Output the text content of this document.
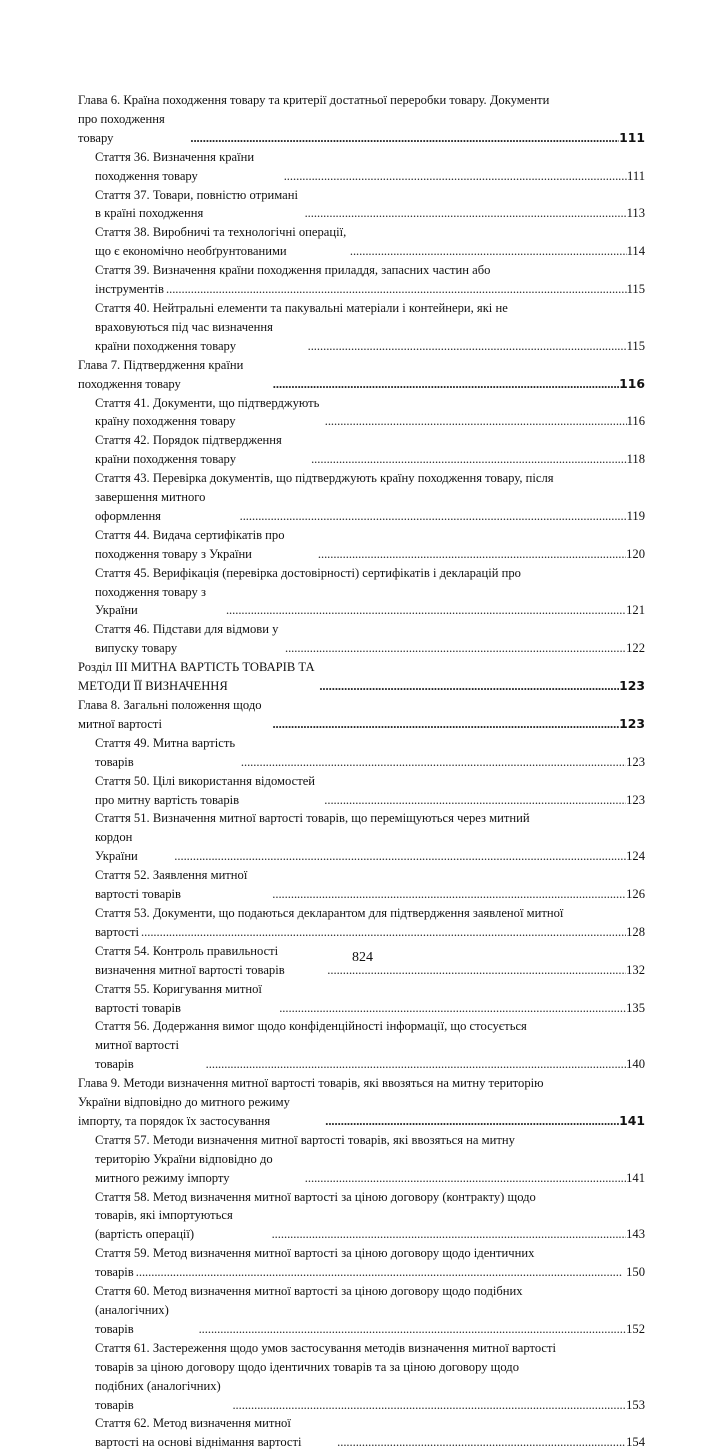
Глава 6. Країна походження товару та критерії достатньої переробки товару. Документи
про походження товару . . .	111
Стаття 36. Визначення країни походження товару . . .	111
Стаття 37. Товари, повністю отримані в країні походження . . .	113
Стаття 38. Виробничі та технологічні операції, що є економічно необґрунтованими . . .	114
Стаття 39. Визначення країни походження приладдя, запасних частин або
інструментів . . .	115
Стаття 40. Нейтральні елементи та пакувальні матеріали і контейнери, які не
враховуються під час визначення країни походження товару . . .	115
Глава 7. Підтвердження країни походження товару . . .	116
Стаття 41. Документи, що підтверджують країну походження товару . . .	116
Стаття 42. Порядок підтвердження країни походження товару . . .	118
Стаття 43. Перевірка документів, що підтверджують країну походження товару, після
завершення митного оформлення . . .	119
Стаття 44. Видача сертифікатів про походження товару з України . . .	120
Стаття 45. Верифікація (перевірка достовірності) сертифікатів і декларацій про
походження товару з України . . .	121
Стаття 46. Підстави для відмови у випуску товару . . .	122
Розділ ІІІ МИТНА ВАРТІСТЬ ТОВАРІВ ТА МЕТОДИ ЇЇ ВИЗНАЧЕННЯ . . .	123
Глава 8. Загальні положення щодо митної вартості . . .	123
Стаття 49. Митна вартість товарів . . .	123
Стаття 50. Цілі використання відомостей про митну вартість товарів . . .	123
Стаття 51. Визначення митної вартості товарів, що переміщуються через митний
кордон України . . .	124
Стаття 52. Заявлення митної вартості товарів . . .	126
Стаття 53. Документи, що подаються декларантом для підтвердження заявленої митної
вартості . . .	128
Стаття 54. Контроль правильності визначення митної вартості товарів . . .	132
Стаття 55. Коригування митної вартості товарів . . .	135
Стаття 56. Додержання вимог щодо конфіденційності інформації, що стосується
митної вартості товарів . . .	140
Глава 9. Методи визначення митної вартості товарів, які ввозяться на митну територію
України відповідно до митного режиму імпорту, та порядок їх застосування . . .	141
Стаття 57. Методи визначення митної вартості товарів, які ввозяться на митну
територію України відповідно до митного режиму імпорту . . .	141
Стаття 58. Метод визначення митної вартості за ціною договору (контракту) щодо
товарів, які імпортуються (вартість операції) . . .	143
Стаття 59. Метод визначення митної вартості за ціною договору щодо ідентичних
товарів . . .	150
Стаття 60. Метод визначення митної вартості за ціною договору щодо подібних
(аналогічних) товарів . . .	152
Стаття 61. Застереження щодо умов застосування методів визначення митної вартості
товарів за ціною договору щодо ідентичних товарів та за ціною договору щодо
подібних (аналогічних) товарів . . .	153
Стаття 62. Метод визначення митної вартості на основі віднімання вартості . . .	154
824
